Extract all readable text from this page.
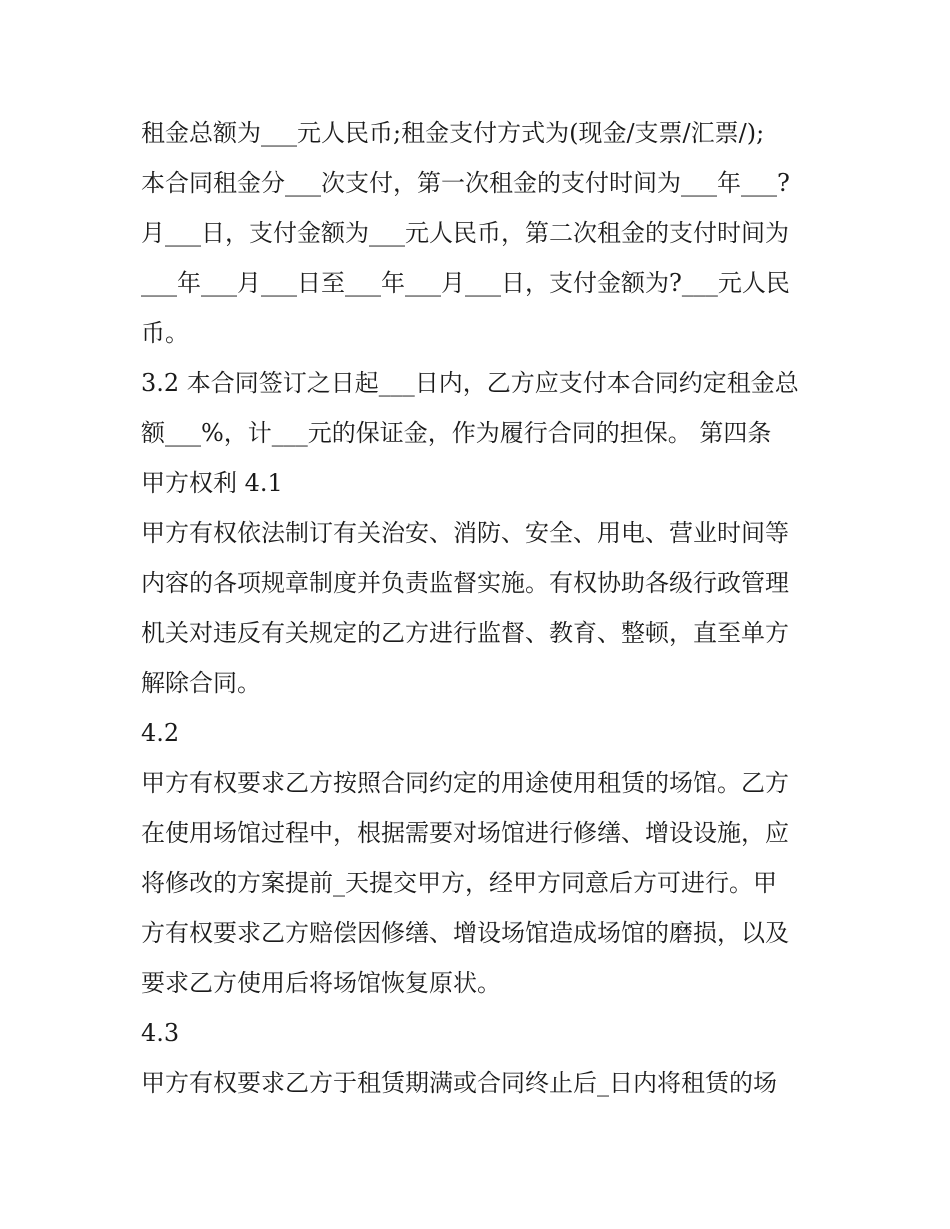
租金总额为___元人民币;租金支付方式为(现金/支票/汇票/);
本合同租金分___次支付，第一次租金的支付时间为___年___?
月___日，支付金额为___元人民币，第二次租金的支付时间为
___年___月___日至___年___月___日，支付金额为?___元人民
币。
3.2 本合同签订之日起___日内，乙方应支付本合同约定租金总
额___%，计___元的保证金，作为履行合同的担保。 第四条
甲方权利 4.1
甲方有权依法制订有关治安、消防、安全、用电、营业时间等
内容的各项规章制度并负责监督实施。有权协助各级行政管理
机关对违反有关规定的乙方进行监督、教育、整顿，直至单方
解除合同。
4.2
甲方有权要求乙方按照合同约定的用途使用租赁的场馆。乙方
在使用场馆过程中，根据需要对场馆进行修缮、增设设施，应
将修改的方案提前_天提交甲方，经甲方同意后方可进行。甲
方有权要求乙方赔偿因修缮、增设场馆造成场馆的磨损，以及
要求乙方使用后将场馆恢复原状。
4.3
甲方有权要求乙方于租赁期满或合同终止后_日内将租赁的场
